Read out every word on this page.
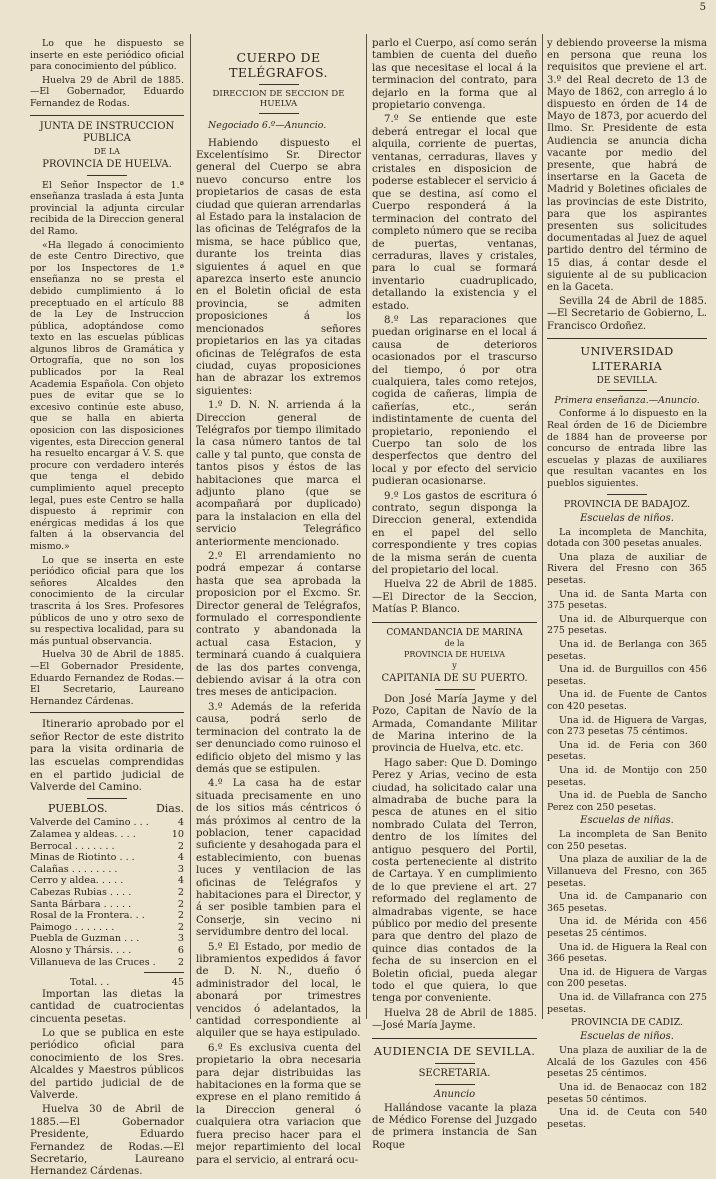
5

Lo que he dispuesto se inserte en este periódico oficial para conocimiento del público.

Huelva 29 de Abril de 1885.—El Gobernador, Eduardo Fernandez de Rodas.

JUNTA DE INSTRUCCION PUBLICA
DE LA
PROVINCIA DE HUELVA.

El Señor Inspector de 1.ª enseñanza traslada á esta Junta provincial la adjunta circular recibida de la Direccion general del Ramo.

«Ha llegado á conocimiento de este Centro Directivo, que por los Inspectores de 1.ª enseñanza no se presta el debido cumplimiento á lo preceptuado en el artículo 88 de la Ley de Instruccion pública, adoptándose como texto en las escuelas públicas algunos libros de Gramática y Ortografía, que no son los publicados por la Real Academia Española. Con objeto pues de evitar que se lo excesivo continúe este abuso, que se halla en abierta oposicion con las disposiciones vigentes, esta Direccion general ha resuelto encargar á V. S. que procure con verdadero interés que tenga el debido cumplimiento aquel precepto legal, pues este Centro se halla dispuesto á reprimir con enérgicas medidas á los que falten á la observancia del mismo.»

Lo que se inserta en este periódico oficial para que los señores Alcaldes den conocimiento de la circular trascrita á los Sres. Profesores públicos de uno y otro sexo de su respectiva localidad, para su más puntual observancia.

Huelva 30 de Abril de 1885.—El Gobernador Presidente, Eduardo Fernandez de Rodas.—El Secretario, Laureano Hernandez Cárdenas.

Itinerario aprobado por el señor Rector de este distrito para la visita ordinaria de las escuelas comprendidas en el partido judicial de Valverde del Camino.

PUEBLOS.	Dias.
Valverde del Camino . . .	4
Zalamea y aldeas. . . .	10
Berrocal . . . . . . .	2
Minas de Riotinto . . .	4
Calañas . . . . . . . .	3
Cerro y aldea. . . . .	4
Cabezas Rubias . . . .	2
Santa Bárbara . . . . .	2
Rosal de la Frontera. . .	2
Paimogo . . . . . . .	2
Puebla de Guzman . . .	3
Alosno y Thársis. . . .	6
Villanueva de las Cruces . 2
Total. . .	45

Importan las dietas la cantidad de cuatrocientas cincuenta pesetas.

Lo que se publica en este periódico oficial para conocimiento de los Sres. Alcaldes y Maestros públicos del partido judicial de de Valverde.

Huelva 30 de Abril de 1885.—El Gobernador Presidente, Eduardo Fernandez de Rodas.—El Secretario, Laureano Hernandez Cárdenas.

CUERPO DE TELÉGRAFOS.
DIRECCION DE SECCION DE HUELVA

Negociado 6.º—Anuncio.

Habiendo dispuesto el Excelentísimo Sr. Director general del Cuerpo se abra nuevo concurso entre los propietarios de casas de esta ciudad que quieran arrendarlas al Estado para la instalacion de las oficinas de Telégrafos de la misma, se hace público que, durante los treinta dias siguientes á aquel en que aparezca inserto este anuncio en el Boletin oficial de esta provincia, se admiten proposiciones á los mencionados señores propietarios en las ya citadas oficinas de Telégrafos de esta ciudad, cuyas proposiciones han de abrazar los extremos siguientes:

1.º D. N. N. arrienda á la Direccion general de Telégrafos por tiempo ilimitado la casa número tantos de tal calle y tal punto, que consta de tantos pisos y éstos de las habitaciones que marca el adjunto plano (que se acompañará por duplicado) para la instalacion en ella del servicio Telegráfico anteriormente mencionado.

2.º El arrendamiento no podrá empezar á contarse hasta que sea aprobada la proposicion por el Excmo. Sr. Director general de Telégrafos, formulado el correspondiente contrato y abandonada la actual casa Estacion, y terminará cuando á cualquiera de las dos partes convenga, debiendo avisar á la otra con tres meses de anticipacion.

3.º Además de la referida causa, podrá serlo de terminacion del contrato la de ser denunciado como ruinoso el edificio objeto del mismo y las demás que se estipulen.

4.º La casa ha de estar situada precisamente en uno de los sitios más céntricos ó más próximos al centro de la poblacion, tener capacidad suficiente y desahogada para el establecimiento, con buenas luces y ventilacion de las oficinas de Telégrafos y habitaciones para el Director, y á ser posible tambien para el Conserje, sin vecino ni servidumbre dentro del local.

5.º El Estado, por medio de libramientos expedidos á favor de D. N. N., dueño ó administrador del local, le abonará por trimestres vencidos ó adelantados, la cantidad correspondiente al alquiler que se haya estipulado.

6.º Es exclusiva cuenta del propietario la obra necesaria para dejar distribuidas las habitaciones en la forma que se exprese en el plano remitido á la Direccion general ó cualquiera otra variacion que fuera preciso hacer para el mejor repartimiento del local para el servicio, al entrará ocu-

parlo el Cuerpo, así como serán tambien de cuenta del dueño las que necesitase el local á la terminacion del contrato, para dejarlo en la forma que al propietario convenga.

7.º Se entiende que este deberá entregar el local que alquila, corriente de puertas, ventanas, cerraduras, llaves y cristales en disposicion de poderse establecer el servicio á que se destina, así como el Cuerpo responderá á la terminacion del contrato del completo número que se reciba de puertas, ventanas, cerraduras, llaves y cristales, para lo cual se formará inventario cuadruplicado, detallando la existencia y el estado.

8.º Las reparaciones que puedan originarse en el local á causa de deterioros ocasionados por el trascurso del tiempo, ó por otra cualquiera, tales como retejos, cogida de cañeras, limpia de cañerías, etc., serán indistintamente de cuenta del propietario, reponiendo el Cuerpo tan solo de los desperfectos que dentro del local y por efecto del servicio pudieran ocasionarse.

9.º Los gastos de escritura ó contrato, segun disponga la Direccion general, extendida en el papel del sello correspondiente y tres copias de la misma serán de cuenta del propietario del local.

Huelva 22 de Abril de 1885.—El Director de la Seccion, Matías P. Blanco.

COMANDANCIA DE MARINA
de la
PROVINCIA DE HUELVA
y
CAPITANIA DE SU PUERTO.

Don José María Jayme y del Pozo, Capitan de Navío de la Armada, Comandante Militar de Marina interino de la provincia de Huelva, etc. etc.

Hago saber: Que D. Domingo Perez y Arias, vecino de esta ciudad, ha solicitado calar una almadraba de buche para la pesca de atunes en el sitio nombrado Culata del Terron, dentro de los límites del antiguo pesquero del Portil, costa perteneciente al distrito de Cartaya. Y en cumplimiento de lo que previene el art. 27 reformado del reglamento de almadrabas vigente, se hace público por medio del presente para que dentro del plazo de quince dias contados de la fecha de su insercion en el Boletin oficial, pueda alegar todo el que quiera, lo que tenga por conveniente.

Huelva 28 de Abril de 1885.—José María Jayme.

AUDIENCIA DE SEVILLA.
SECRETARIA.
Anuncio

Hallándose vacante la plaza de Médico Forense del Juzgado de primera instancia de San Roque

y debiendo proveerse la misma en persona que reuna los requisitos que previene el art. 3.º del Real decreto de 13 de Mayo de 1862, con arreglo á lo dispuesto en órden de 14 de Mayo de 1873, por acuerdo del Ilmo. Sr. Presidente de esta Audiencia se anuncia dicha vacante por medio del presente, que habrá de insertarse en la Gaceta de Madrid y Boletines oficiales de las provincias de este Distrito, para que los aspirantes presenten sus solicitudes documentadas al Juez de aquel partido dentro del término de 15 dias, á contar desde el siguiente al de su publicacion en la Gaceta.

Sevilla 24 de Abril de 1885.—El Secretario de Gobierno, L. Francisco Ordoñez.

UNIVERSIDAD LITERARIA
DE SEVILLA.

Primera enseñanza.—Anuncio.

Conforme á lo dispuesto en la Real órden de 16 de Diciembre de 1884 han de proveerse por concurso de entrada libre las escuelas y plazas de auxiliares que resultan vacantes en los pueblos siguientes.

PROVINCIA DE BADAJOZ.
Escuelas de niños.

La incompleta de Manchita, dotada con 300 pesetas anuales.

Una plaza de auxiliar de Rivera del Fresno con 365 pesetas.

Una id. de Santa Marta con 375 pesetas.

Una id. de Alburquerque con 275 pesetas.

Una id. de Berlanga con 365 pesetas.

Una id. de Burguillos con 456 pesetas.

Una id. de Fuente de Cantos con 420 pesetas.

Una id. de Higuera de Vargas, con 273 pesetas 75 céntimos.

Una id. de Feria con 360 pesetas.

Una id. de Montijo con 250 pesetas.

Una id. de Puebla de Sancho Perez con 250 pesetas.

Escuelas de niñas.

La incompleta de San Benito con 250 pesetas.

Una plaza de auxiliar de la de Villanueva del Fresno, con 365 pesetas.

Una id. de Campanario con 365 pesetas.

Una id. de Mérida con 456 pesetas 25 céntimos.

Una id. de Higuera la Real con 366 pesetas.

Una id. de Higuera de Vargas con 200 pesetas.

Una id. de Villafranca con 275 pesetas.

PROVINCIA DE CADIZ.
Escuelas de niños.

Una plaza de auxiliar de la de Alcalá de los Gazules con 456 pesetas 25 céntimos.

Una id. de Benaocaz con 182 pesetas 50 céntimos.

Una id. de Ceuta con 540 pesetas.
